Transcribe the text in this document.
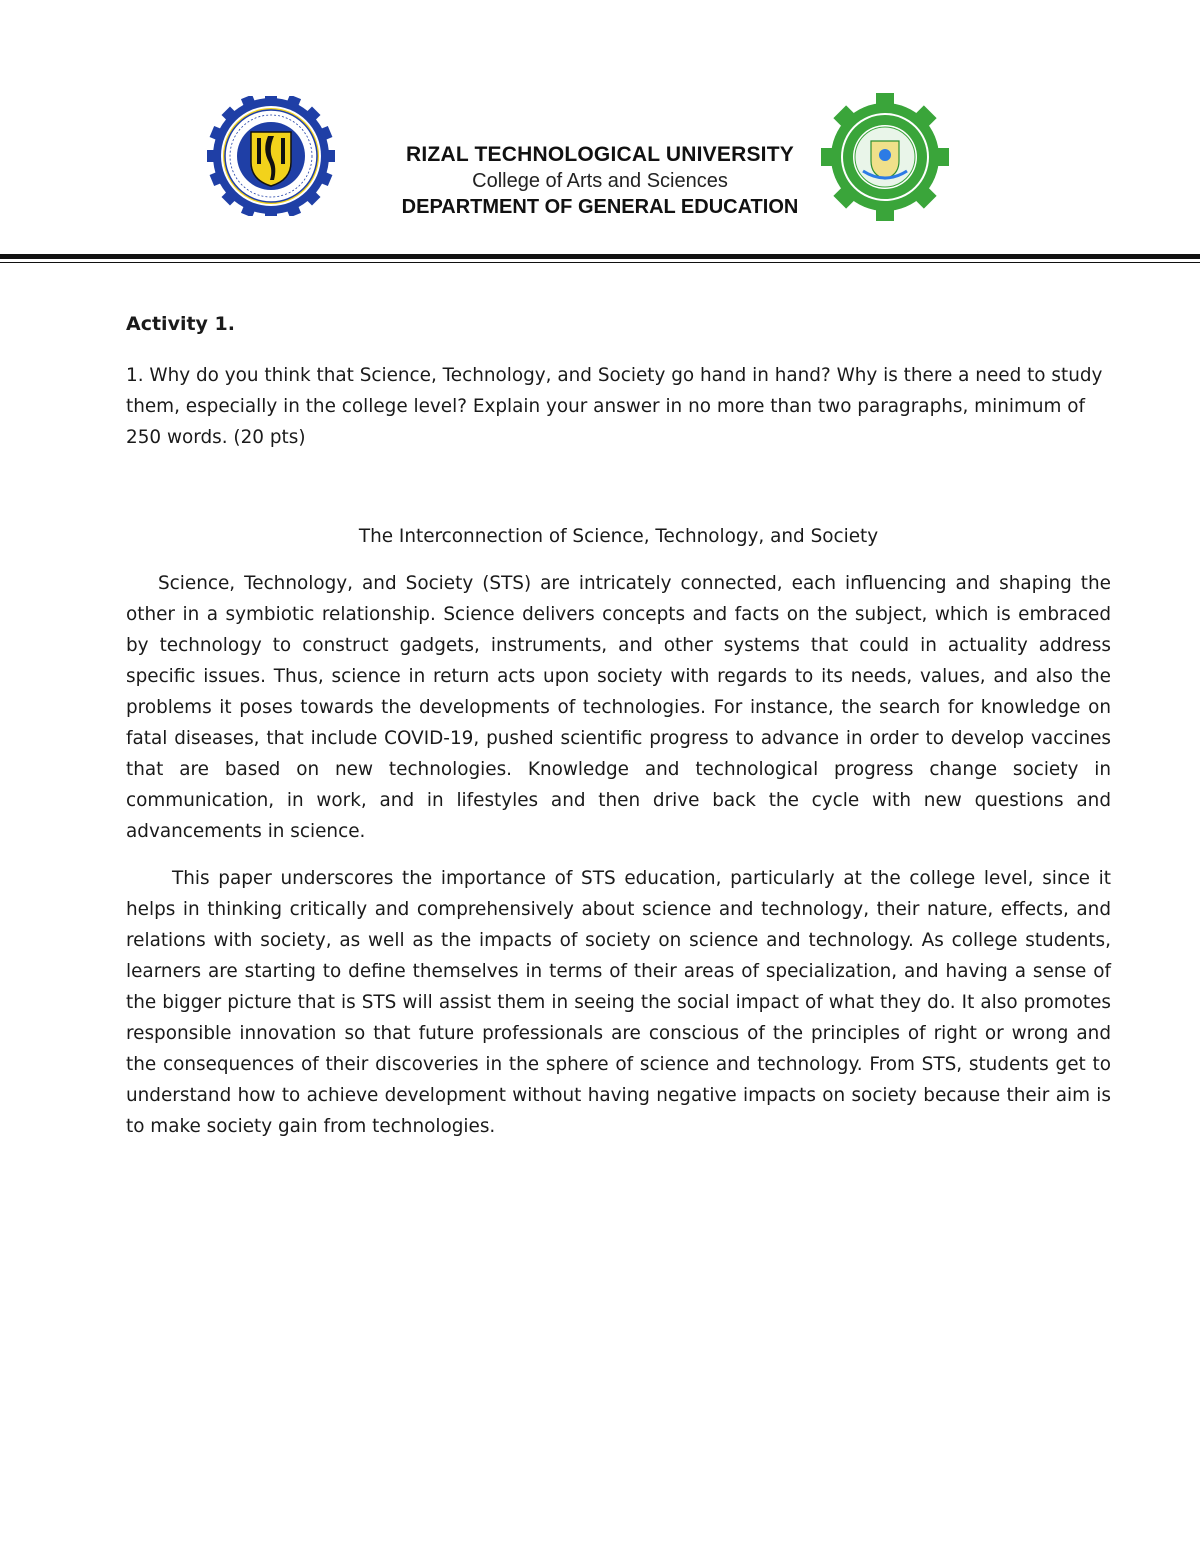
RIZAL TECHNOLOGICAL UNIVERSITY
College of Arts and Sciences
DEPARTMENT OF GENERAL EDUCATION

Activity 1.

1. Why do you think that Science, Technology, and Society go hand in hand? Why is there a need to study them, especially in the college level? Explain your answer in no more than two paragraphs, minimum of 250 words. (20 pts)

The Interconnection of Science, Technology, and Society

Science, Technology, and Society (STS) are intricately connected, each influencing and shaping the other in a symbiotic relationship. Science delivers concepts and facts on the subject, which is embraced by technology to construct gadgets, instruments, and other systems that could in actuality address specific issues. Thus, science in return acts upon society with regards to its needs, values, and also the problems it poses towards the developments of technologies. For instance, the search for knowledge on fatal diseases, that include COVID-19, pushed scientific progress to advance in order to develop vaccines that are based on new technologies. Knowledge and technological progress change society in communication, in work, and in lifestyles and then drive back the cycle with new questions and advancements in science.

This paper underscores the importance of STS education, particularly at the college level, since it helps in thinking critically and comprehensively about science and technology, their nature, effects, and relations with society, as well as the impacts of society on science and technology. As college students, learners are starting to define themselves in terms of their areas of specialization, and having a sense of the bigger picture that is STS will assist them in seeing the social impact of what they do. It also promotes responsible innovation so that future professionals are conscious of the principles of right or wrong and the consequences of their discoveries in the sphere of science and technology. From STS, students get to understand how to achieve development without having negative impacts on society because their aim is to make society gain from technologies.
